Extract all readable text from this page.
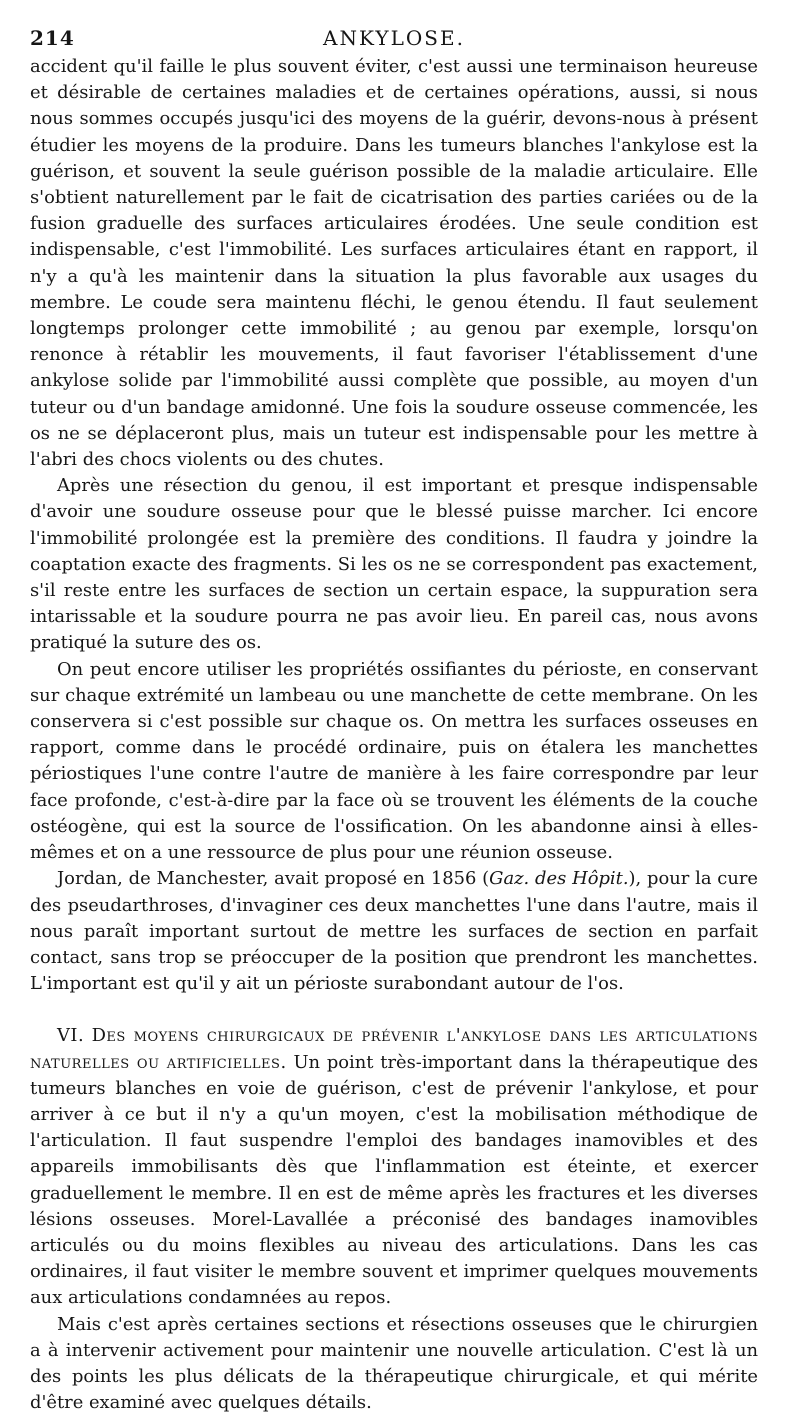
214	ANKYLOSE.

accident qu'il faille le plus souvent éviter, c'est aussi une terminaison heureuse et désirable de certaines maladies et de certaines opérations, aussi, si nous nous sommes occupés jusqu'ici des moyens de la guérir, devons-nous à présent étudier les moyens de la produire. Dans les tumeurs blanches l'ankylose est la guérison, et souvent la seule guérison possible de la maladie articulaire. Elle s'obtient naturellement par le fait de cicatrisation des parties cariées ou de la fusion graduelle des surfaces articulaires érodées. Une seule condition est indispensable, c'est l'immobilité. Les surfaces articulaires étant en rapport, il n'y a qu'à les maintenir dans la situation la plus favorable aux usages du membre. Le coude sera maintenu fléchi, le genou étendu. Il faut seulement longtemps prolonger cette immobilité ; au genou par exemple, lorsqu'on renonce à rétablir les mouvements, il faut favoriser l'établissement d'une ankylose solide par l'immobilité aussi complète que possible, au moyen d'un tuteur ou d'un bandage amidonné. Une fois la soudure osseuse commencée, les os ne se déplaceront plus, mais un tuteur est indispensable pour les mettre à l'abri des chocs violents ou des chutes.

Après une résection du genou, il est important et presque indispensable d'avoir une soudure osseuse pour que le blessé puisse marcher. Ici encore l'immobilité prolongée est la première des conditions. Il faudra y joindre la coaptation exacte des fragments. Si les os ne se correspondent pas exactement, s'il reste entre les surfaces de section un certain espace, la suppuration sera intarissable et la soudure pourra ne pas avoir lieu. En pareil cas, nous avons pratiqué la suture des os.

On peut encore utiliser les propriétés ossifiantes du périoste, en conservant sur chaque extrémité un lambeau ou une manchette de cette membrane. On les conservera si c'est possible sur chaque os. On mettra les surfaces osseuses en rapport, comme dans le procédé ordinaire, puis on étalera les manchettes périostiques l'une contre l'autre de manière à les faire correspondre par leur face profonde, c'est-à-dire par la face où se trouvent les éléments de la couche ostéogène, qui est la source de l'ossification. On les abandonne ainsi à elles-mêmes et on a une ressource de plus pour une réunion osseuse.

Jordan, de Manchester, avait proposé en 1856 (Gaz. des Hôpit.), pour la cure des pseudarthroses, d'invaginer ces deux manchettes l'une dans l'autre, mais il nous paraît important surtout de mettre les surfaces de section en parfait contact, sans trop se préoccuper de la position que prendront les manchettes. L'important est qu'il y ait un périoste surabondant autour de l'os.

VI. Des moyens chirurgicaux de prévenir l'ankylose dans les articulations naturelles ou artificielles. Un point très-important dans la thérapeutique des tumeurs blanches en voie de guérison, c'est de prévenir l'ankylose, et pour arriver à ce but il n'y a qu'un moyen, c'est la mobilisation méthodique de l'articulation. Il faut suspendre l'emploi des bandages inamovibles et des appareils immobilisants dès que l'inflammation est éteinte, et exercer graduellement le membre. Il en est de même après les fractures et les diverses lésions osseuses. Morel-Lavallée a préconisé des bandages inamovibles articulés ou du moins flexibles au niveau des articulations. Dans les cas ordinaires, il faut visiter le membre souvent et imprimer quelques mouvements aux articulations condamnées au repos.

Mais c'est après certaines sections et résections osseuses que le chirurgien a à intervenir activement pour maintenir une nouvelle articulation. C'est là un des points les plus délicats de la thérapeutique chirurgicale, et qui mérite d'être examiné avec quelques détails.
